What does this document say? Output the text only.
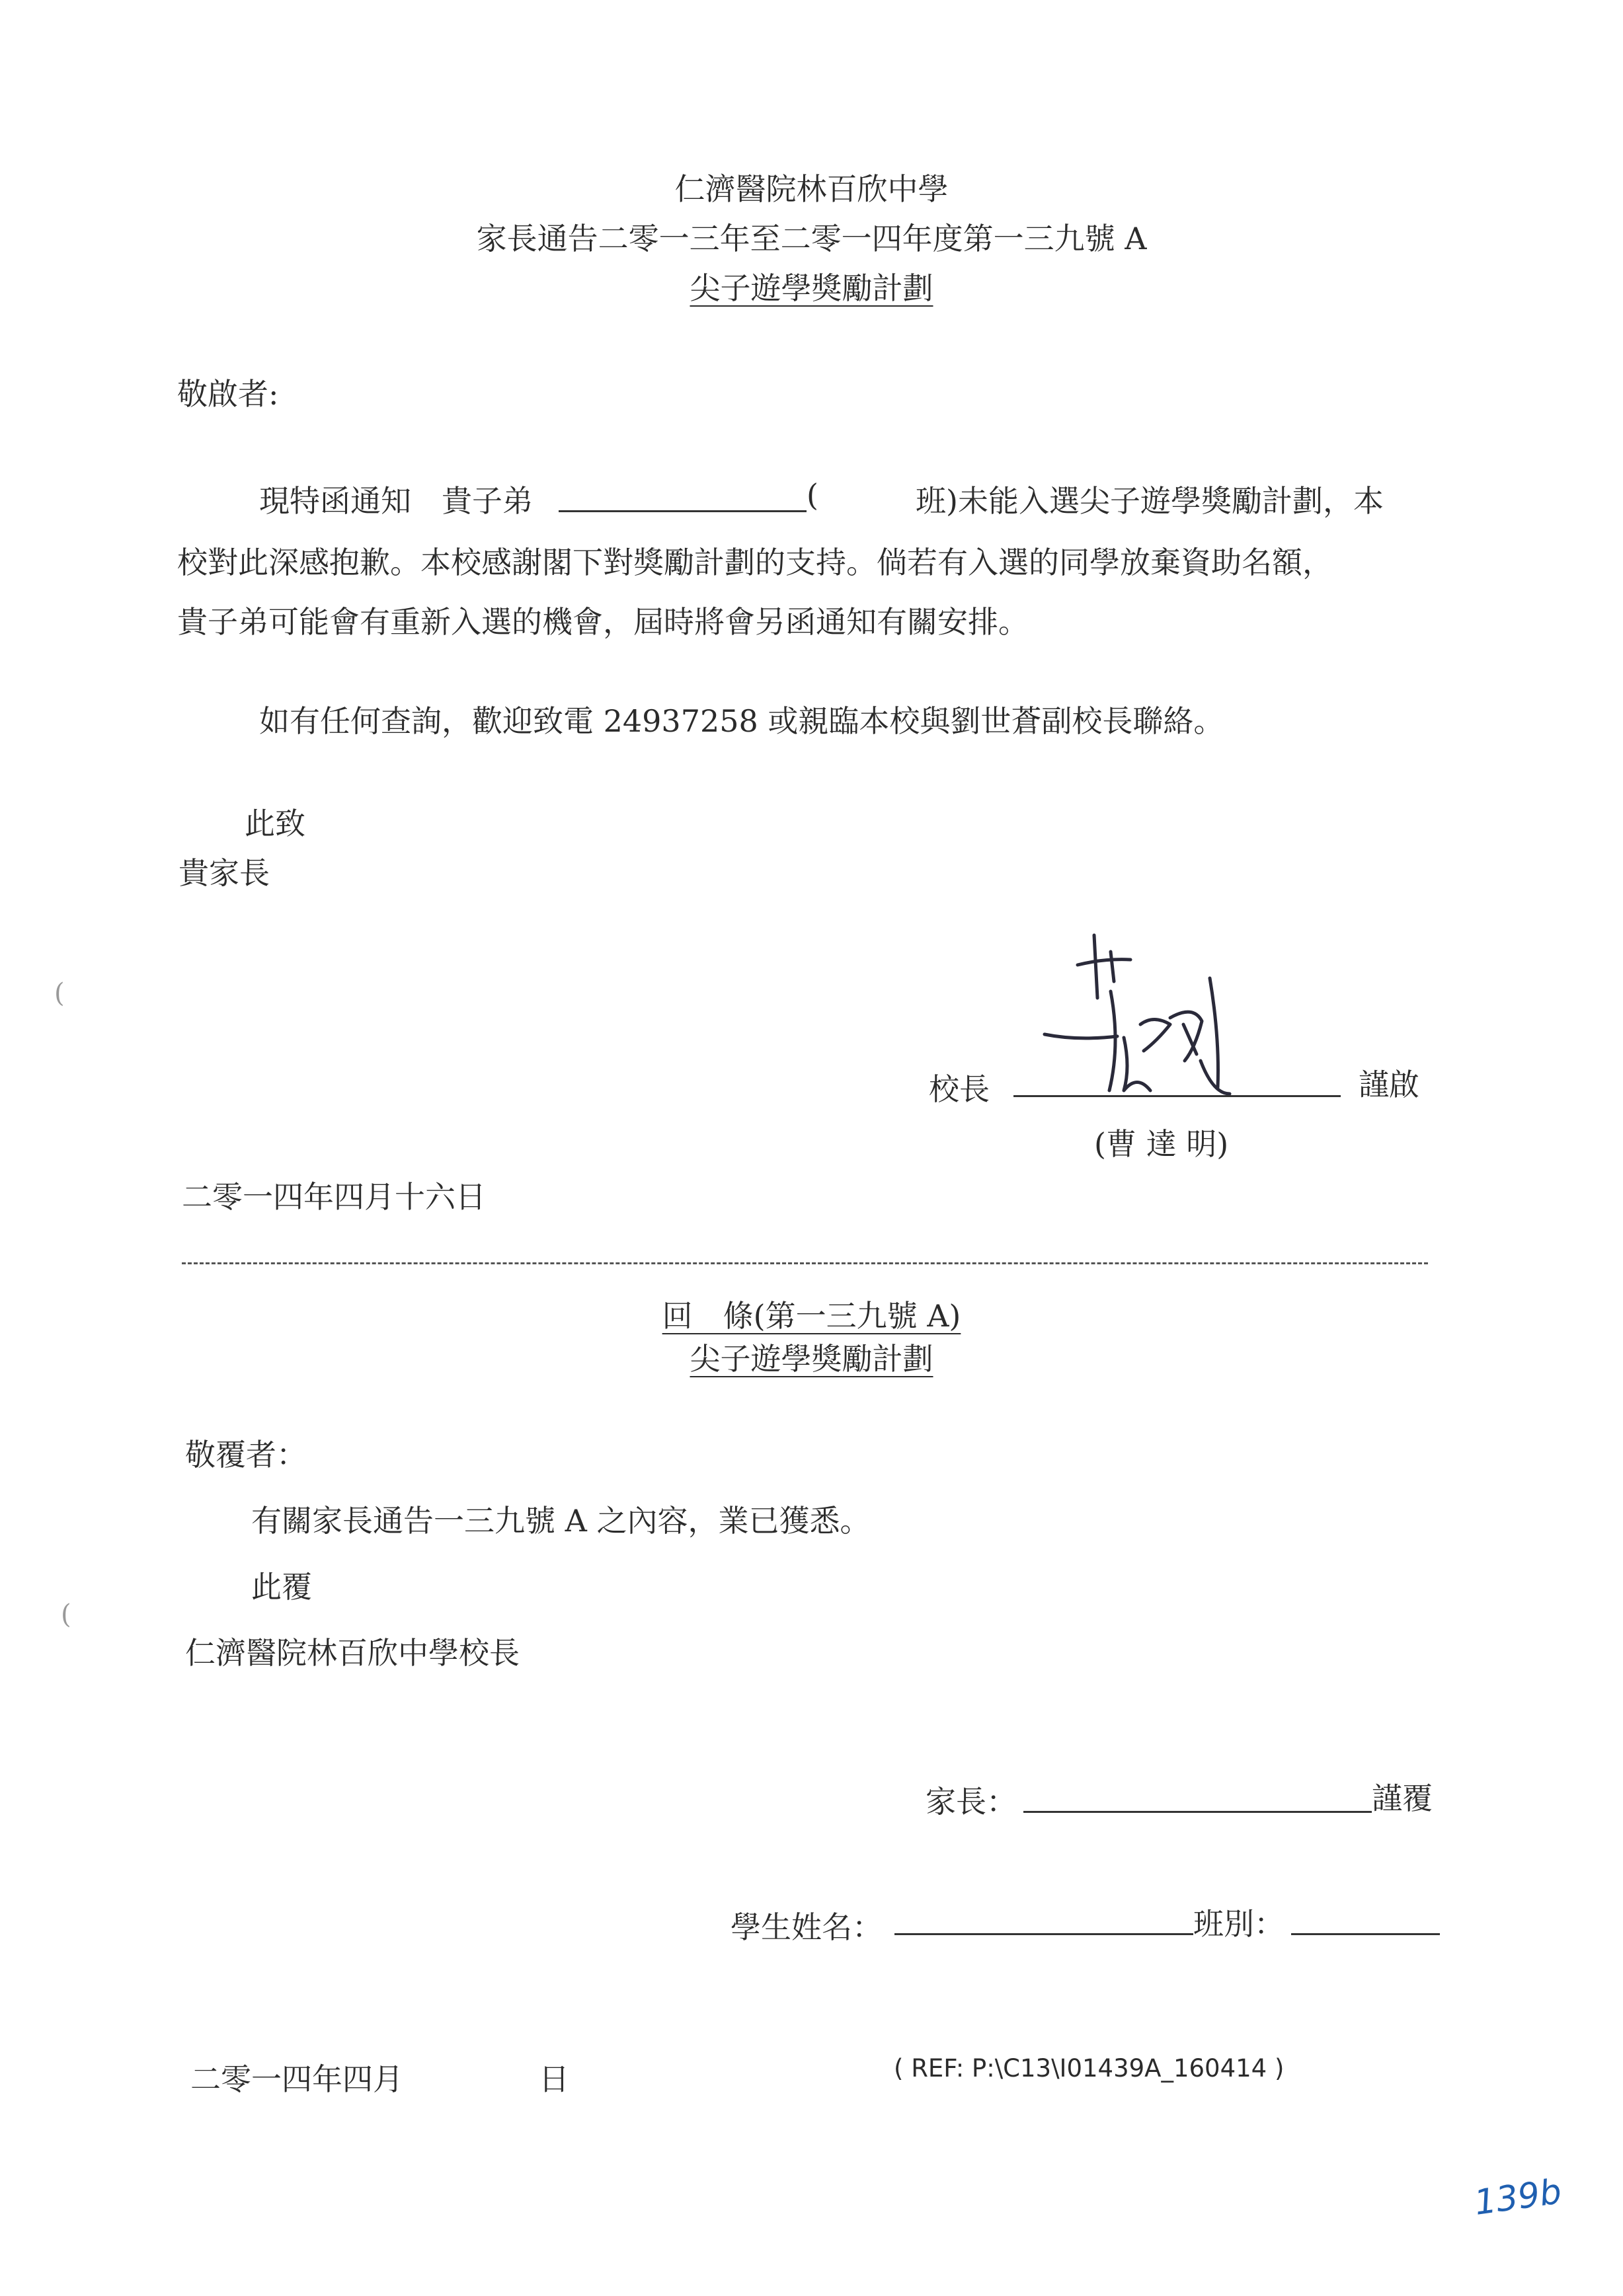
仁濟醫院林百欣中學
家長通告二零一三年至二零一四年度第一三九號 A
尖子遊學獎勵計劃
敬啟者:
現特函通知　貴子弟	(	班)未能入選尖子遊學獎勵計劃，本
校對此深感抱歉。本校感謝閣下對獎勵計劃的支持。倘若有入選的同學放棄資助名額，
貴子弟可能會有重新入選的機會，屆時將會另函通知有關安排。
如有任何查詢，歡迎致電 24937258 或親臨本校與劉世蒼副校長聯絡。
此致
貴家長
校長	謹啟
(曹 達 明)
二零一四年四月十六日
回　條(第一三九號 A)
尖子遊學獎勵計劃
敬覆者：
有關家長通告一三九號 A 之內容，業已獲悉。
此覆
仁濟醫院林百欣中學校長
家長：	謹覆
學生姓名：	班別：
二零一四年四月	日	( REF: P:\C13\I01439A_160414 )
139b
(
(
